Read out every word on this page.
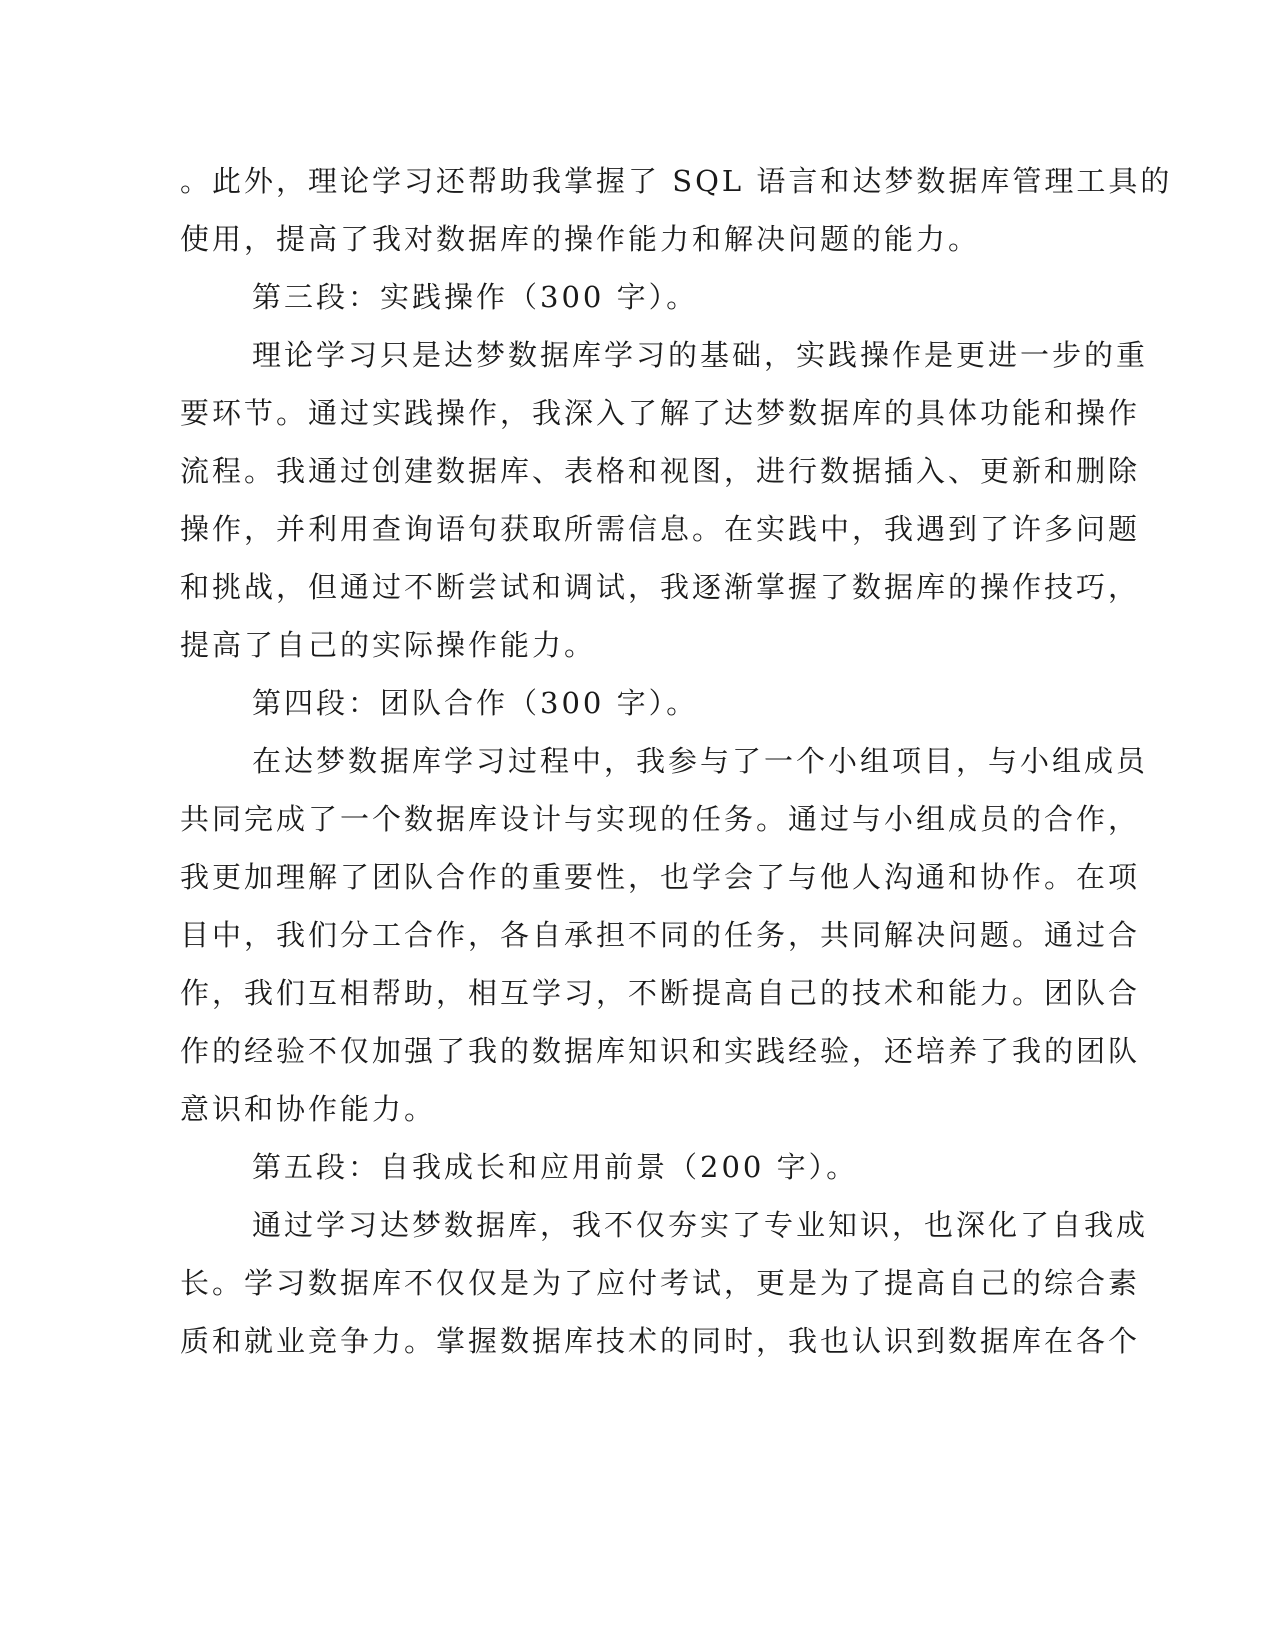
。此外，理论学习还帮助我掌握了 SQL 语言和达梦数据库管理工具的
使用，提高了我对数据库的操作能力和解决问题的能力。
第三段：实践操作（300 字）。
理论学习只是达梦数据库学习的基础，实践操作是更进一步的重
要环节。通过实践操作，我深入了解了达梦数据库的具体功能和操作
流程。我通过创建数据库、表格和视图，进行数据插入、更新和删除
操作，并利用查询语句获取所需信息。在实践中，我遇到了许多问题
和挑战，但通过不断尝试和调试，我逐渐掌握了数据库的操作技巧，
提高了自己的实际操作能力。
第四段：团队合作（300 字）。
在达梦数据库学习过程中，我参与了一个小组项目，与小组成员
共同完成了一个数据库设计与实现的任务。通过与小组成员的合作，
我更加理解了团队合作的重要性，也学会了与他人沟通和协作。在项
目中，我们分工合作，各自承担不同的任务，共同解决问题。通过合
作，我们互相帮助，相互学习，不断提高自己的技术和能力。团队合
作的经验不仅加强了我的数据库知识和实践经验，还培养了我的团队
意识和协作能力。
第五段：自我成长和应用前景（200 字）。
通过学习达梦数据库，我不仅夯实了专业知识，也深化了自我成
长。学习数据库不仅仅是为了应付考试，更是为了提高自己的综合素
质和就业竞争力。掌握数据库技术的同时，我也认识到数据库在各个
